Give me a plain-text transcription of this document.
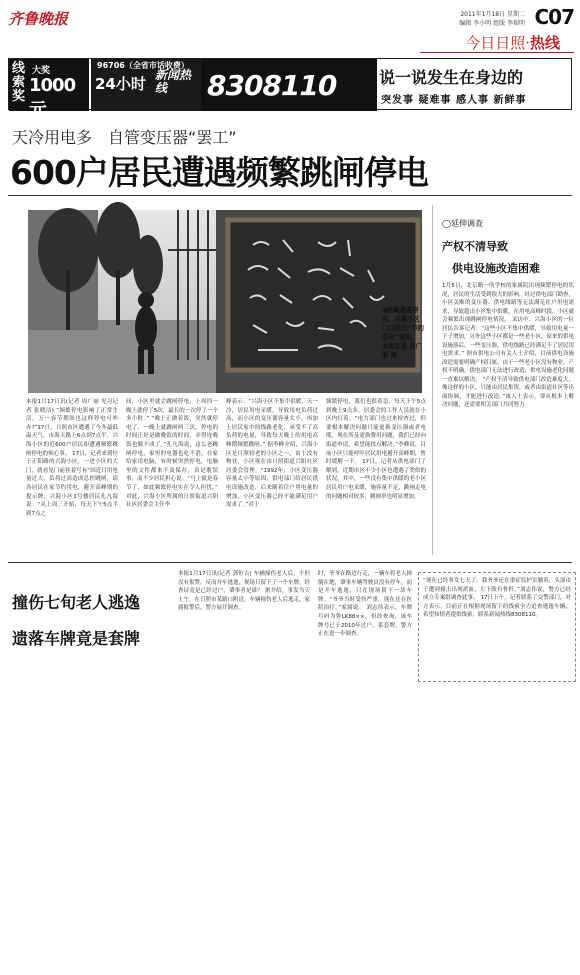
齐鲁晚报	2011年1月18日 星期二
编辑 李小明 组版 李瑞明 C07
今日日照·热线
线索奖
大奖
1000元
96706（全省市话收费）
24小时 新闻热线	8308110	说一说发生在身边的
突发事 疑难事 感人事 新鲜事
天冷用电多　自管变压器“罢工”
600户居民遭遇频繁跳闸停电
◀连续遭遇停电，兴海小区门口挂出“节约用电”通知。　本报记者 周广丽 摄
◯延伸调查
产权不清导致
供电设施改造困难
1月5日，北京路一所学校的家属院出现频繁停电的状况，居民的生活受到很大的影响，经过供电部门勘查，小区关断的变压器、供电线路等无法满足住户用电需求，导致超出小区集中供暖，在用电高峰时段，小区就会频繁出现跳闸停电情况。 采访中，兴海小区的一位居民告诉记者：“这些小区不集中供暖，导致用电量一下子增加，另外这些小区都是一些老小区，原来的供电设施落后，一些变压器、供电线路已经满足不了居民用电需求。” 据市供电公司有关人士介绍，目前供电设施改造需要明确产权归属，由于一些老小区没有物业，产权不明确，供电部门无法进行改造，供电设施老化问题一直难以解决。 “产权不清导致供电部门改造难度大，像这样的小区，只能由居民集资，或者由街道社区等出面协调，才能进行改造。”该人士表示，要从根本上解决问题，还需要相关部门共同努力。
本报1月17日讯(记者 周广丽 见习记者 张晓洁) “频繁停电影响了正常生活，万一春节期间也这样停电可咋办?”17日，日照市区遭遇了今冬最低温天气，市海天路上6点到7点半，兴海小区的近600户居民却遭遇频繁跳闸停电的烦心事。 17日，记者来到位于正阳路的兴海小区，一进小区的大门，就看见门前挂着写有“因近日用电量过大，负荷过高造成总控跳闸，请各居民在家节约用电，避开高峰期的提示牌，兴海小区1号楼居民孔凡海说：“从上周三开始，每天下午5点半到7点之
间，小区里就会跳闸停电，上周四一晚上就停了5次，最长的一次停了一个多小时。” “晚上正做着饭，突然就停电了，一晚上就跳闸两三次，停电的时间正好是做晚饭的时间，弄得连晚饭也做不成了。”孔凡海说，这么老跳闸停电，家里的电器也吃不消，在家给家用电脑，有时候突然停电，电脑里的文件都来不及保存，真是耽误事，而不少居民担心说：“马上就是春节了，如此频繁停电实在令人担忧。” 对此，兴海小区所属的日照街道兴阳社区居委会主任李
峰表示：“兴海小区不集中供暖，天一冷，居民用电采暖，导致用电负荷过高，而小区的变压器容量太小，再加上居民家中的线路老化，承受不了高负荷的电量，导致每天晚上的用电高峰期频繁跳闸。” 据李峰介绍，兴海小区是日照较老的小区之一，由于没有物业，小区现在由日照街道兴阳社区居委会管理。“1992年，小区变压器容量太小等原因，供电部门给居民供电设施改造，后来随着住户用电量的增加，小区变压器已经不能满足用户需求了。”对于
频繁停电，我们也很着急，每天下午5点到晚上9点多，居委会的工作人员就在小区内打着。“电力部门也过来检查过，但要根本解决问题只能更换变压器或者电缆，现在所及更换费用问题，我们已经向街道申请，希望能找点解决。”李峰说，目前小区只能呼吁居民用电避开高峰期，暂时缓解一下。 17日，记者从供电部门了解到，近期市区不少小区也遭遇了类似的状况，其中，一些没有集中供暖的老小区居民用户电采暖，施容量不足，跳闸走电的问题相对较多，跳闸率也明显增加。
撞伤七旬老人逃逸
遗落车牌竟是套牌
本报1月17日讯(记者 郭恒吉) 车辆撞伤老人后，不但没有报警，反而开车逃逸，现场只留下了一个车牌，经查证竟是已经过户，肇事者是谁？ 据介绍，事发当天上午，在日照市某路口附近，车辆撞伤老人后逃走，家属报警后，警方展开调查。
时，爷爷在路边行走，一辆车将老人撞倒在地，肇事车辆驾驶员没有停车，而是开车逃逸，只在现场留下一块车牌。“爷爷当时受伤严重，现在还在医院治疗。”家属说。 刘志伟表示，车牌号码为鲁LK88××，但经查询，该车牌号已于2010年过户，系套牌，警方正在进一步调查。
“现在已经事发七天了，我爷爷还在重症监护室躺着，头部由于遭到撞击出现淤血，左下肢有骨折。”刘志伟说，警方已经成立专案组调查此事。 17日下午，记者联系了交警部门，对方表示，目前正在根据现场留下的线索全力追查逃逸车辆，希望知情者提供线索，联系新闻热线8308110。
